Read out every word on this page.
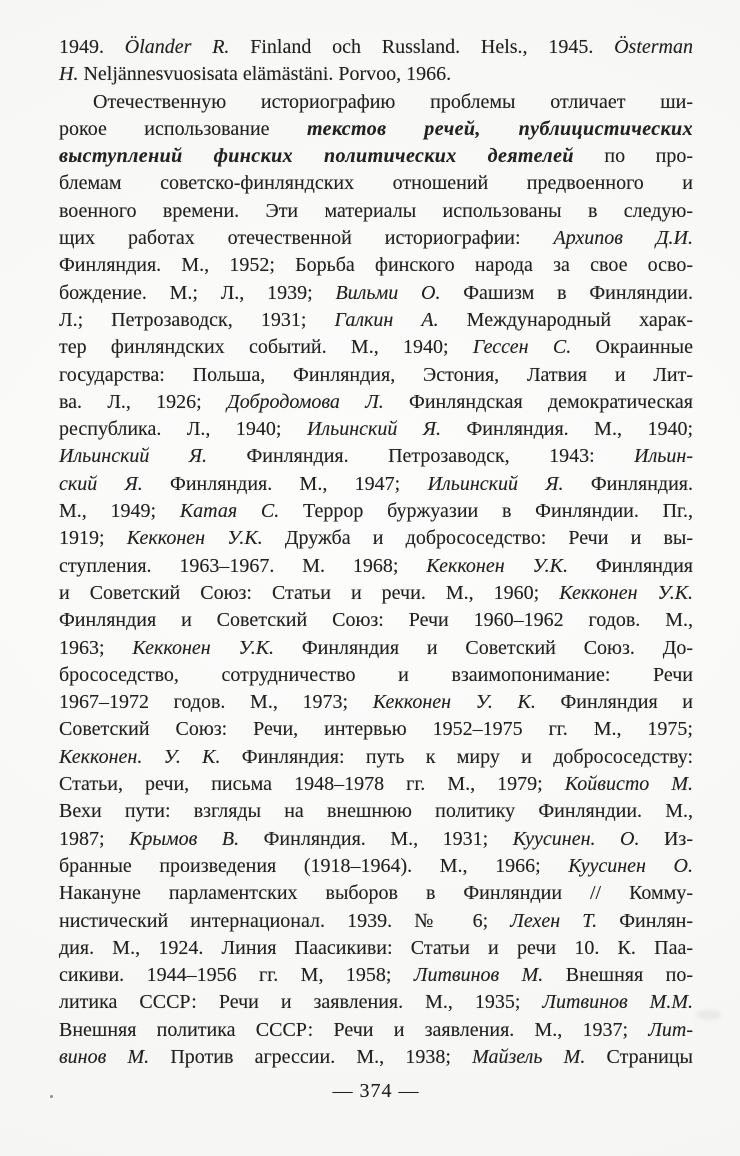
1949. Ölander R. Finland och Russland. Hels., 1945. Österman
H. Neljännesvuosisata elämästäni. Porvoo, 1966.
Отечественную историографию проблемы отличает ши-
рокое использование текстов речей, публицистических
выступлений финских политических деятелей по про-
блемам советско-финляндских отношений предвоенного и
военного времени. Эти материалы использованы в следую-
щих работах отечественной историографии: Архипов Д.И.
Финляндия. М., 1952; Борьба финского народа за свое осво-
бождение. М.; Л., 1939; Вильми О. Фашизм в Финляндии.
Л.; Петрозаводск, 1931; Галкин А. Международный харак-
тер финляндских событий. М., 1940; Гессен С. Окраинные
государства: Польша, Финляндия, Эстония, Латвия и Лит-
ва. Л., 1926; Добродомова Л. Финляндская демократическая
республика. Л., 1940; Ильинский Я. Финляндия. М., 1940;
Ильинский Я. Финляндия. Петрозаводск, 1943: Ильин-
ский Я. Финляндия. М., 1947; Ильинский Я. Финляндия.
М., 1949; Катая С. Террор буржуазии в Финляндии. Пг.,
1919; Кекконен У.К. Дружба и добрососедство: Речи и вы-
ступления. 1963–1967. М. 1968; Кекконен У.К. Финляндия
и Советский Союз: Статьи и речи. М., 1960; Кекконен У.К.
Финляндия и Советский Союз: Речи 1960–1962 годов. М.,
1963; Кекконен У.К. Финляндия и Советский Союз. До-
брососедство, сотрудничество и взаимопонимание: Речи
1967–1972 годов. М., 1973; Кекконен У. К. Финляндия и
Советский Союз: Речи, интервью 1952–1975 гг. М., 1975;
Кекконен. У. К. Финляндия: путь к миру и добрососедству:
Статьи, речи, письма 1948–1978 гг. М., 1979; Койвисто М.
Вехи пути: взгляды на внешнюю политику Финляндии. М.,
1987; Крымов В. Финляндия. М., 1931; Куусинен. О. Из-
бранные произведения (1918–1964). М., 1966; Куусинен О.
Накануне парламентских выборов в Финляндии // Комму-
нистический интернационал. 1939. № 6; Лехен Т. Финлян-
дия. М., 1924. Линия Паасикиви: Статьи и речи 10. К. Паа-
сикиви. 1944–1956 гг. М, 1958; Литвинов М. Внешняя по-
литика СССР: Речи и заявления. М., 1935; Литвинов М.М.
Внешняя политика СССР: Речи и заявления. М., 1937; Лит-
винов М. Против агрессии. М., 1938; Майзель М. Страницы
— 374 —
